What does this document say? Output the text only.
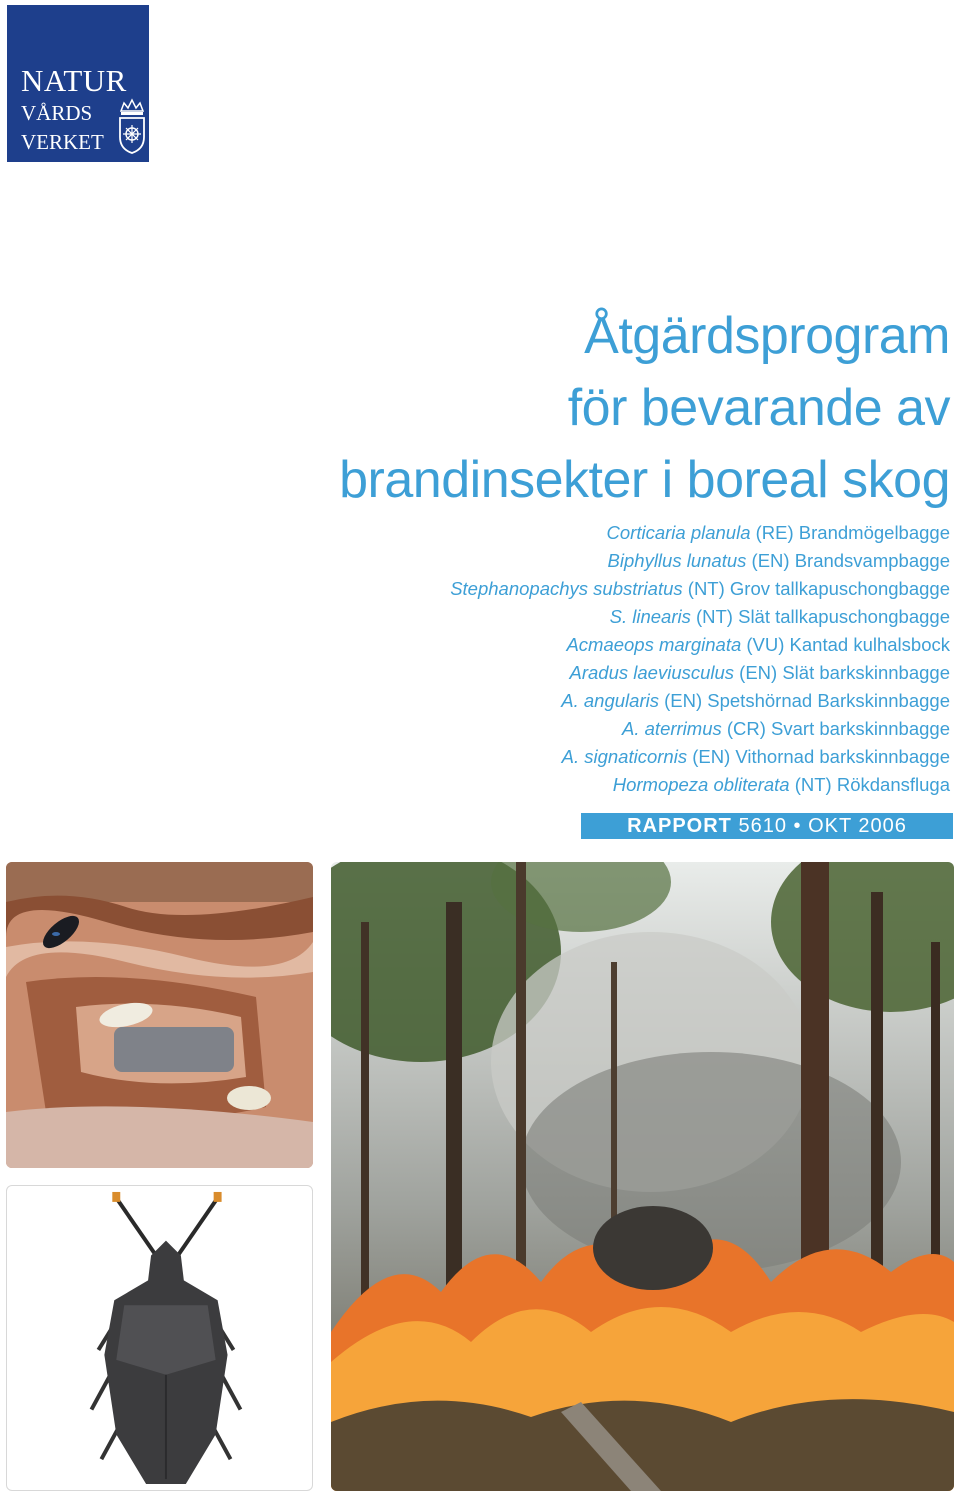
NATUR
VÅRDS
VERKET
Åtgärdsprogram
för bevarande av
brandinsekter i boreal skog
Corticaria planula (RE) Brandmögelbagge
Biphyllus lunatus (EN) Brandsvampbagge
Stephanopachys substriatus (NT) Grov tallkapuschongbagge
S. linearis (NT) Slät tallkapuschongbagge
Acmaeops marginata (VU) Kantad kulhalsbock
Aradus laeviusculus (EN) Slät barkskinnbagge
A. angularis (EN) Spetshörnad Barkskinnbagge
A. aterrimus (CR) Svart barkskinnbagge
A. signaticornis (EN) Vithornad barkskinnbagge
Hormopeza obliterata (NT) Rökdansfluga
RAPPORT 5610 • OKT 2006
